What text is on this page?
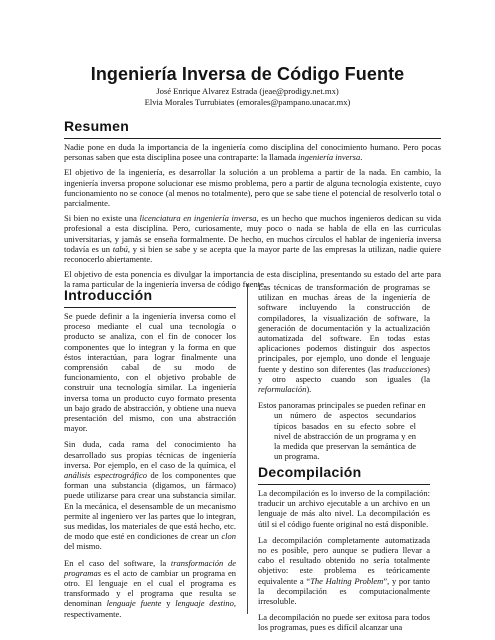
Ingeniería Inversa de Código Fuente
José Enrique Alvarez Estrada (jeae@prodigy.net.mx)
Elvia Morales Turrubiates (emorales@pampano.unacar.mx)
Resumen

Nadie pone en duda la importancia de la ingeniería como disciplina del conocimiento humano. Pero pocas personas saben que esta disciplina posee una contraparte: la llamada ingeniería inversa.

El objetivo de la ingeniería, es desarrollar la solución a un problema a partir de la nada. En cambio, la ingeniería inversa propone solucionar ese mismo problema, pero a partir de alguna tecnología existente, cuyo funcionamiento no se conoce (al menos no totalmente), pero que se sabe tiene el potencial de resolverlo total o parcialmente.

Si bien no existe una licenciatura en ingeniería inversa, es un hecho que muchos ingenieros dedican su vida profesional a esta disciplina. Pero, curiosamente, muy poco o nada se habla de ella en las curriculas universitarias, y jamás se enseña formalmente. De hecho, en muchos círculos el hablar de ingeniería inversa todavía es un tabú, y si bien se sabe y se acepta que la mayor parte de las empresas la utilizan, nadie quiere reconocerlo abiertamente.

El objetivo de esta ponencia es divulgar la importancia de esta disciplina, presentando su estado del arte para la rama particular de la ingeniería inversa de código fuente.

Introducción

Se puede definir a la ingeniería inversa como el proceso mediante el cual una tecnología o producto se analiza, con el fin de conocer los componentes que lo integran y la forma en que éstos interactúan, para lograr finalmente una comprensión cabal de su modo de funcionamiento, con el objetivo probable de construir una tecnología similar. La ingeniería inversa toma un producto cuyo formato presenta un bajo grado de abstracción, y obtiene una nueva presentación del mismo, con una abstracción mayor.

Sin duda, cada rama del conocimiento ha desarrollado sus propias técnicas de ingeniería inversa. Por ejemplo, en el caso de la química, el análisis espectrográfico de los componentes que forman una substancia (digamos, un fármaco) puede utilizarse para crear una substancia similar. En la mecánica, el desensamble de un mecanismo permite al ingeniero ver las partes que lo integran, sus medidas, los materiales de que está hecho, etc. de modo que esté en condiciones de crear un clon del mismo.

En el caso del software, la transformación de programas es el acto de cambiar un programa en otro. El lenguaje en el cual el programa es transformado y el programa que resulta se denominan lenguaje fuente y lenguaje destino, respectivamente.

Las técnicas de transformación de programas se utilizan en muchas áreas de la ingeniería de software incluyendo la construcción de compiladores, la visualización de software, la generación de documentación y la actualización automatizada del software. En todas estas aplicaciones podemos distinguir dos aspectos principales, por ejemplo, uno donde el lenguaje fuente y destino son diferentes (las traducciones) y otro aspecto cuando son iguales (la reformulación).

Estos panoramas principales se pueden refinar en
un número de aspectos secundarios típicos basados en su efecto sobre el nivel de abstracción de un programa y en la medida que preservan la semántica de un programa.

Decompilación

La decompilación es lo inverso de la compilación: traducir un archivo ejecutable a un archivo en un lenguaje de más alto nivel. La decompilación es útil si el código fuente original no está disponible.

La decompilación completamente automatizada no es posible, pero aunque se pudiera llevar a cabo el resultado obtenido no sería totalmente objetivo: este problema es teóricamente equivalente a “The Halting Problem”, y por tanto la decompilación es computacionalmente irresoluble.

La decompilación no puede ser exitosa para todos los programas, pues es difícil alcanzar una
